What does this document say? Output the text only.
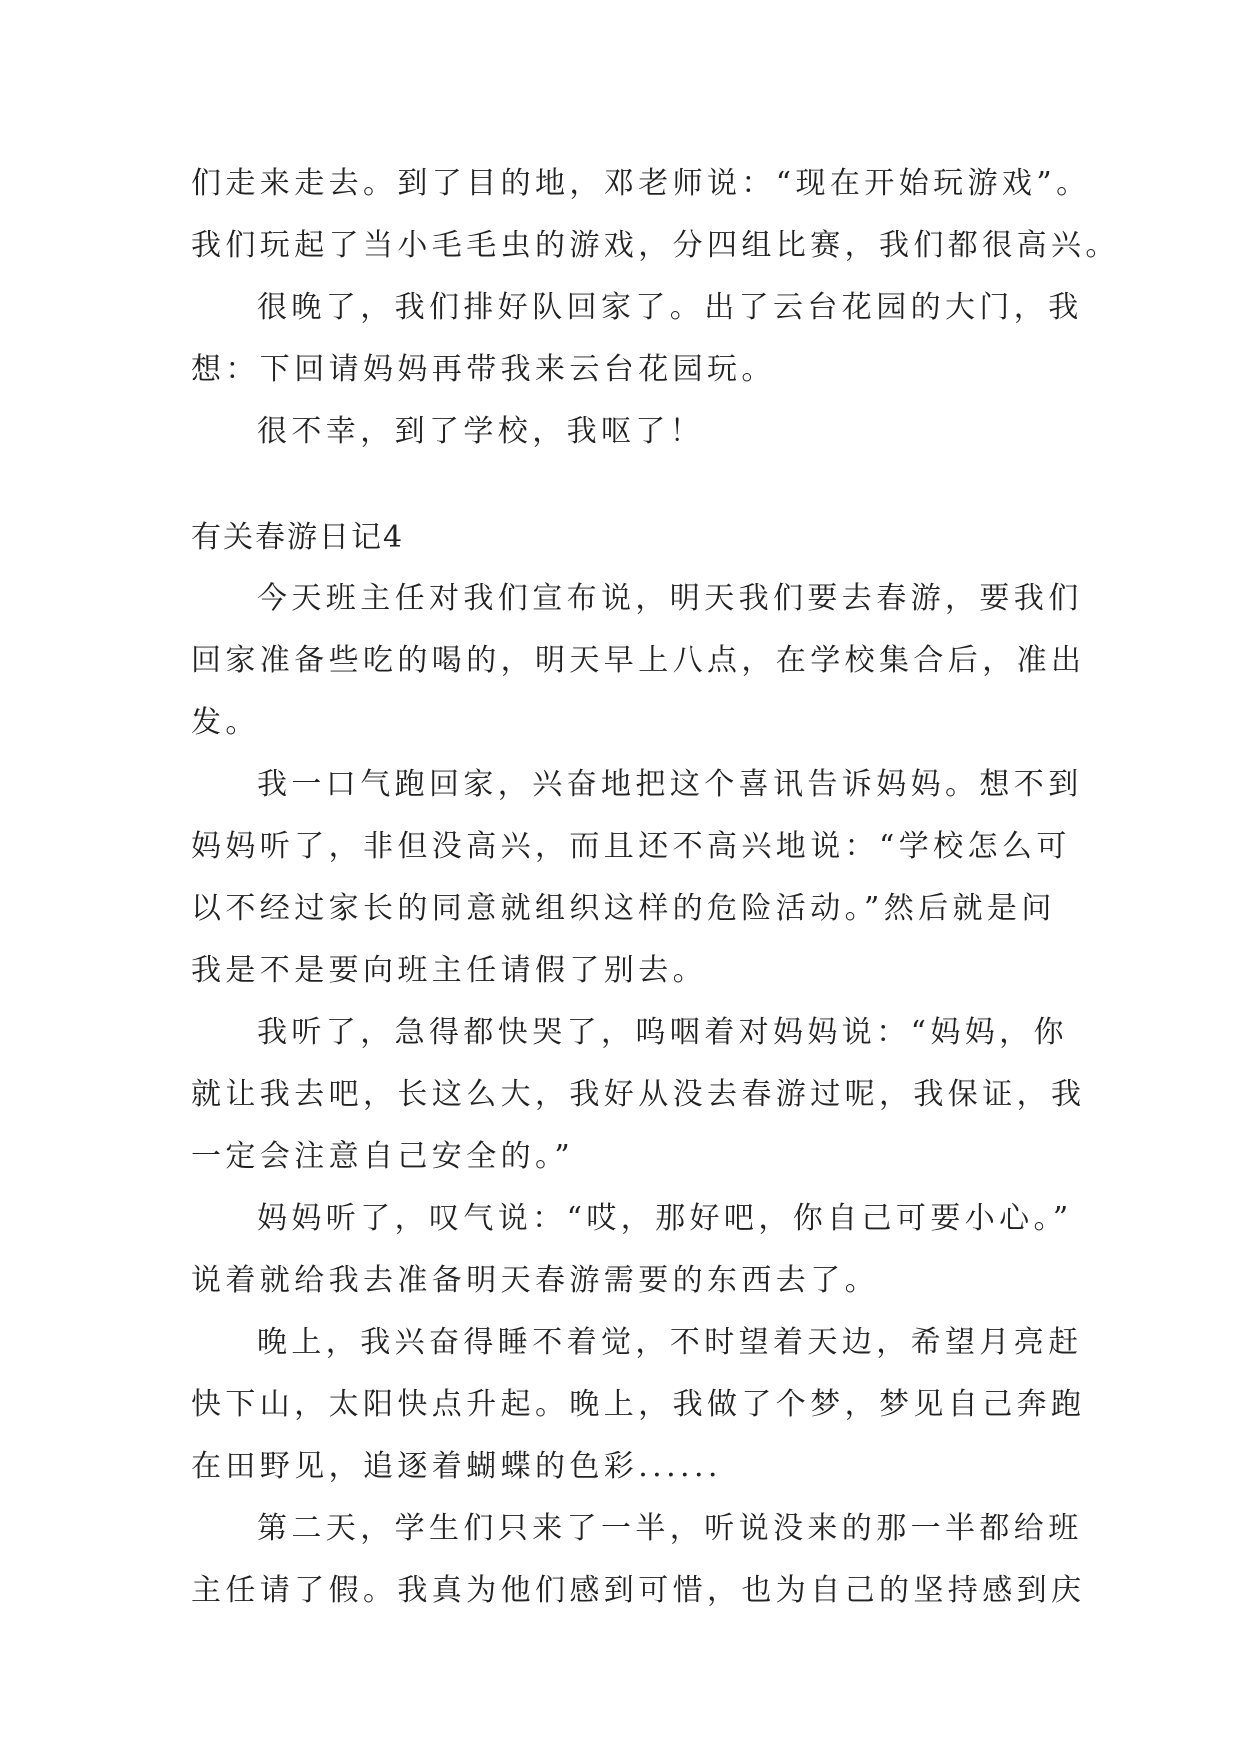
们走来走去。到了目的地，邓老师说：“现在开始玩游戏”。
我们玩起了当小毛毛虫的游戏，分四组比赛，我们都很高兴。
很晚了，我们排好队回家了。出了云台花园的大门，我
想：下回请妈妈再带我来云台花园玩。
很不幸，到了学校，我呕了！
有关春游日记4
今天班主任对我们宣布说，明天我们要去春游，要我们
回家准备些吃的喝的，明天早上八点，在学校集合后，准出
发。
我一口气跑回家，兴奋地把这个喜讯告诉妈妈。想不到
妈妈听了，非但没高兴，而且还不高兴地说：“学校怎么可
以不经过家长的同意就组织这样的危险活动。”然后就是问
我是不是要向班主任请假了别去。
我听了，急得都快哭了，呜咽着对妈妈说：“妈妈，你
就让我去吧，长这么大，我好从没去春游过呢，我保证，我
一定会注意自己安全的。”
妈妈听了，叹气说：“哎，那好吧，你自己可要小心。”
说着就给我去准备明天春游需要的东西去了。
晚上，我兴奋得睡不着觉，不时望着天边，希望月亮赶
快下山，太阳快点升起。晚上，我做了个梦，梦见自己奔跑
在田野见，追逐着蝴蝶的色彩......
第二天，学生们只来了一半，听说没来的那一半都给班
主任请了假。我真为他们感到可惜，也为自己的坚持感到庆
